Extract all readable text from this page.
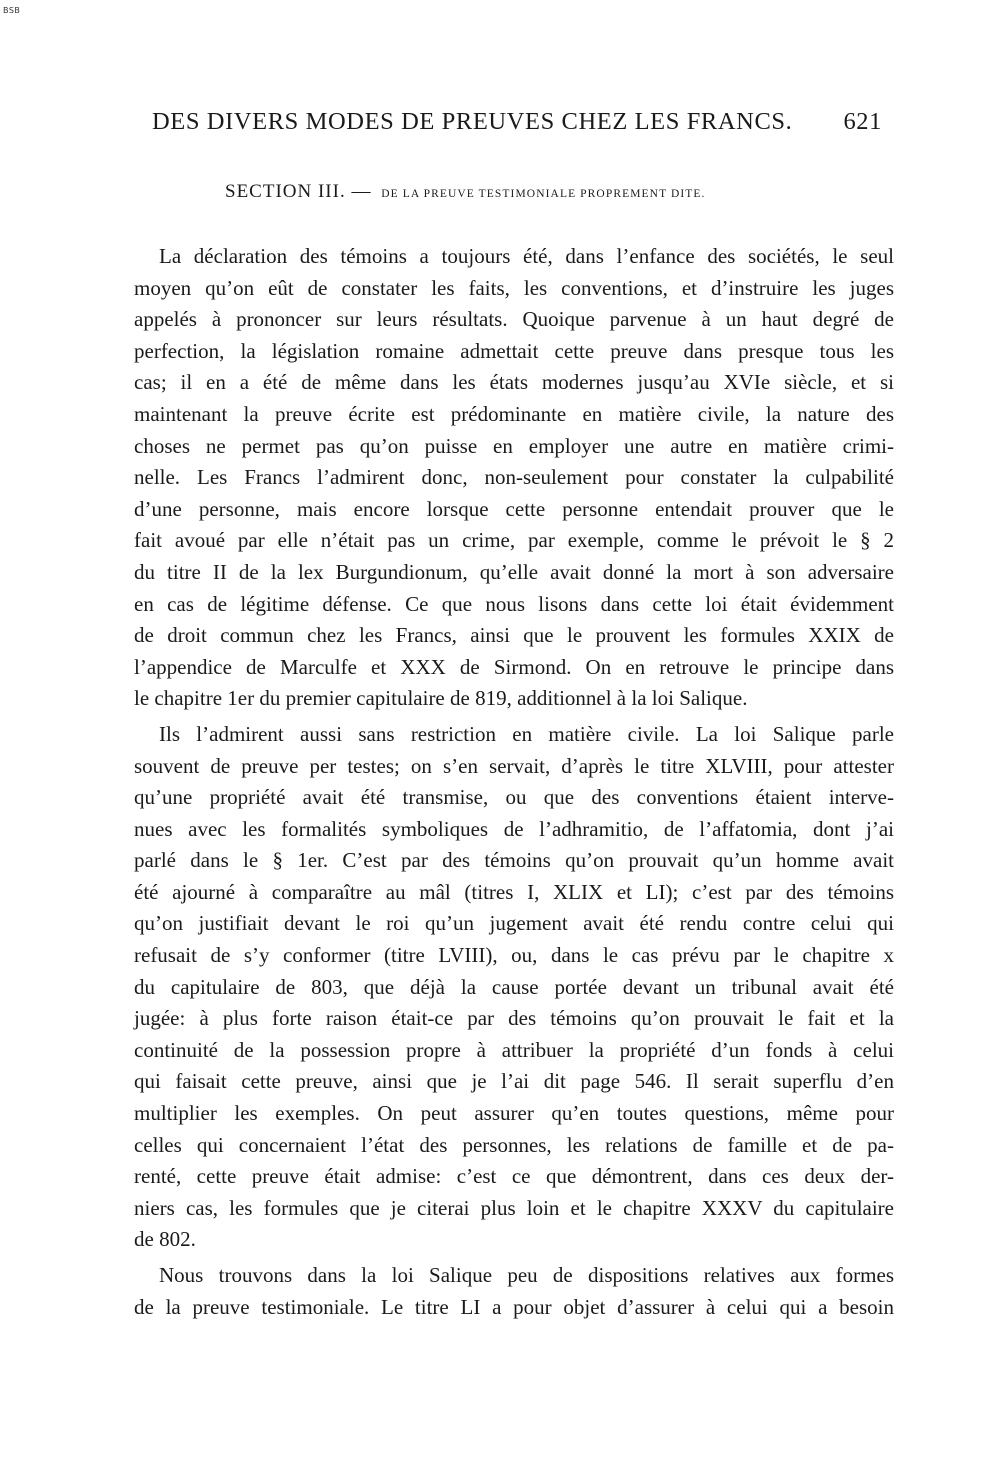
BSB
DES DIVERS MODES DE PREUVES CHEZ LES FRANCS. 621
SECTION III. — DE LA PREUVE TESTIMONIALE PROPREMENT DITE.
La déclaration des témoins a toujours été, dans l’enfance des sociétés, le seul
moyen qu’on eût de constater les faits, les conventions, et d’instruire les juges
appelés à prononcer sur leurs résultats. Quoique parvenue à un haut degré de
perfection, la législation romaine admettait cette preuve dans presque tous les
cas; il en a été de même dans les états modernes jusqu’au XVIe siècle, et si
maintenant la preuve écrite est prédominante en matière civile, la nature des
choses ne permet pas qu’on puisse en employer une autre en matière crimi-
nelle. Les Francs l’admirent donc, non-seulement pour constater la culpabilité
d’une personne, mais encore lorsque cette personne entendait prouver que le
fait avoué par elle n’était pas un crime, par exemple, comme le prévoit le § 2
du titre II de la lex Burgundionum, qu’elle avait donné la mort à son adversaire
en cas de légitime défense. Ce que nous lisons dans cette loi était évidemment
de droit commun chez les Francs, ainsi que le prouvent les formules XXIX de
l’appendice de Marculfe et XXX de Sirmond. On en retrouve le principe dans
le chapitre 1er du premier capitulaire de 819, additionnel à la loi Salique.
Ils l’admirent aussi sans restriction en matière civile. La loi Salique parle
souvent de preuve per testes; on s’en servait, d’après le titre XLVIII, pour attester
qu’une propriété avait été transmise, ou que des conventions étaient interve-
nues avec les formalités symboliques de l’adhramitio, de l’affatomia, dont j’ai
parlé dans le § 1er. C’est par des témoins qu’on prouvait qu’un homme avait
été ajourné à comparaître au mâl (titres I, XLIX et LI); c’est par des témoins
qu’on justifiait devant le roi qu’un jugement avait été rendu contre celui qui
refusait de s’y conformer (titre LVIII), ou, dans le cas prévu par le chapitre x
du capitulaire de 803, que déjà la cause portée devant un tribunal avait été
jugée: à plus forte raison était-ce par des témoins qu’on prouvait le fait et la
continuité de la possession propre à attribuer la propriété d’un fonds à celui
qui faisait cette preuve, ainsi que je l’ai dit page 546. Il serait superflu d’en
multiplier les exemples. On peut assurer qu’en toutes questions, même pour
celles qui concernaient l’état des personnes, les relations de famille et de pa-
renté, cette preuve était admise: c’est ce que démontrent, dans ces deux der-
niers cas, les formules que je citerai plus loin et le chapitre XXXV du capitulaire
de 802.
Nous trouvons dans la loi Salique peu de dispositions relatives aux formes
de la preuve testimoniale. Le titre LI a pour objet d’assurer à celui qui a besoin
